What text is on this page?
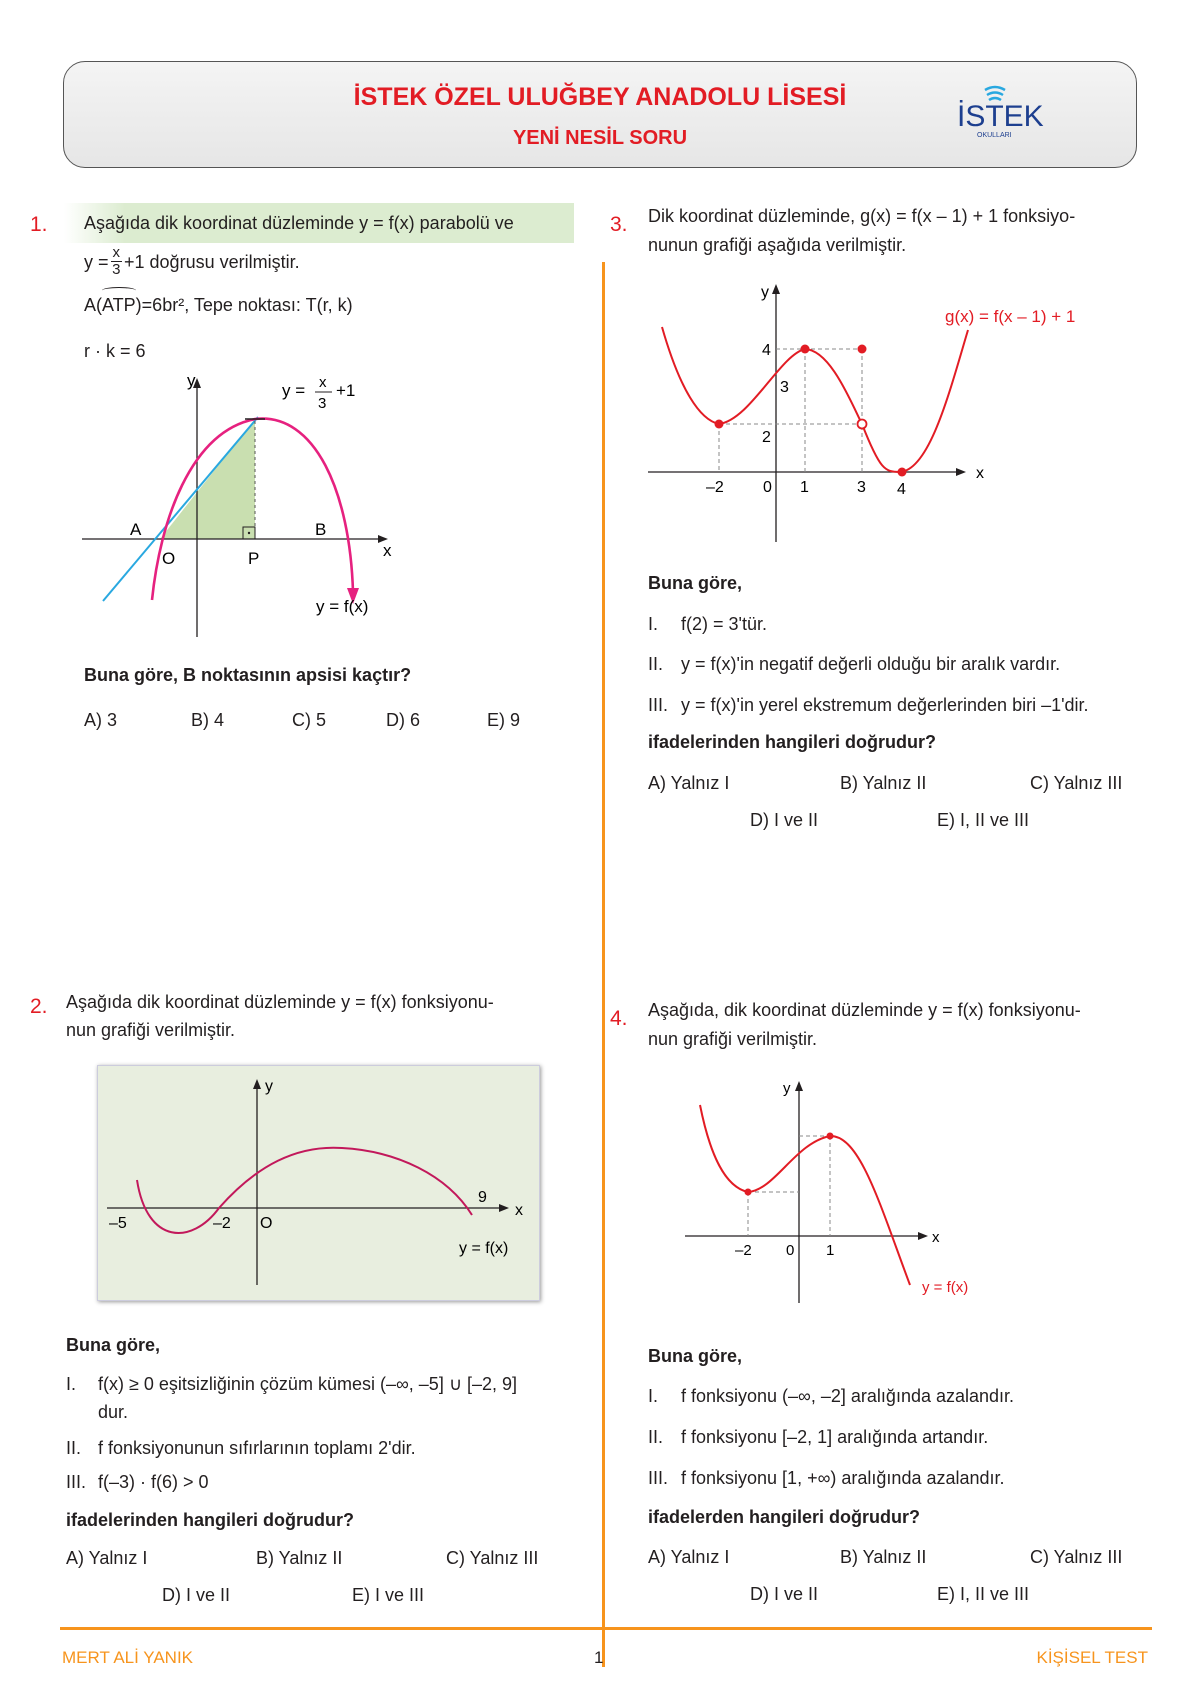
İSTEK ÖZEL ULUĞBEY ANADOLU LİSESİ
YENİ NESİL SORU
İSTEK
OKULLARI
1. Aşağıda dik koordinat düzleminde y = f(x) parabolü ve
$y = \frac{x}{3} +1$ doğrusu verilmiştir.
A(
ATP)=6br², Tepe noktası: T(r, k)
r · k = 6
y
x
A	B
O	P
y = f(x)
y = x
3
+1
Buna göre, B noktasının apsisi kaçtır?
A) 3	B) 4	C) 5	D) 6	E) 9
2. Aşağıda dik koordinat düzleminde y = f(x) fonksiyonu-
nun grafiği verilmiştir.
–5	–2 O
9
y
x
y = f(x)
Buna göre,
I. f(x) ≥ 0 eşitsizliğinin çözüm kümesi (–∞, –5] ∪ [–2, 9]
dur.
II. f fonksiyonunun sıfırlarının toplamı 2'dir.
III. f(–3) · f(6) > 0
ifadelerinden hangileri doğrudur?
A) Yalnız I	B) Yalnız II	C) Yalnız III
D) I ve II	E) I ve III
3. Dik koordinat düzleminde, g(x) = f(x – 1) + 1 fonksiyo-
nunun grafiği aşağıda verilmiştir.
y
x
4
3
2
–2 0 1	3 4
g(x) = f(x – 1) + 1
Buna göre,
I. f(2) = 3'tür.
II. y = f(x)'in negatif değerli olduğu bir aralık vardır.
III. y = f(x)'in yerel ekstremum değerlerinden biri –1'dir.
ifadelerinden hangileri doğrudur?
A) Yalnız I	B) Yalnız II	C) Yalnız III
D) I ve II	E) I, II ve III
4. Aşağıda, dik koordinat düzleminde y = f(x) fonksiyonu-
nun grafiği verilmiştir.
y
x
–2 0 1
y = f(x)
Buna göre,
I. f fonksiyonu (–∞, –2] aralığında azalandır.
II. f fonksiyonu [–2, 1] aralığında artandır.
III. f fonksiyonu [1, +∞) aralığında azalandır.
ifadelerden hangileri doğrudur?
A) Yalnız I	B) Yalnız II	C) Yalnız III
D) I ve II	E) I, II ve III
MERT ALİ YANIK	1	KİŞİSEL TEST
